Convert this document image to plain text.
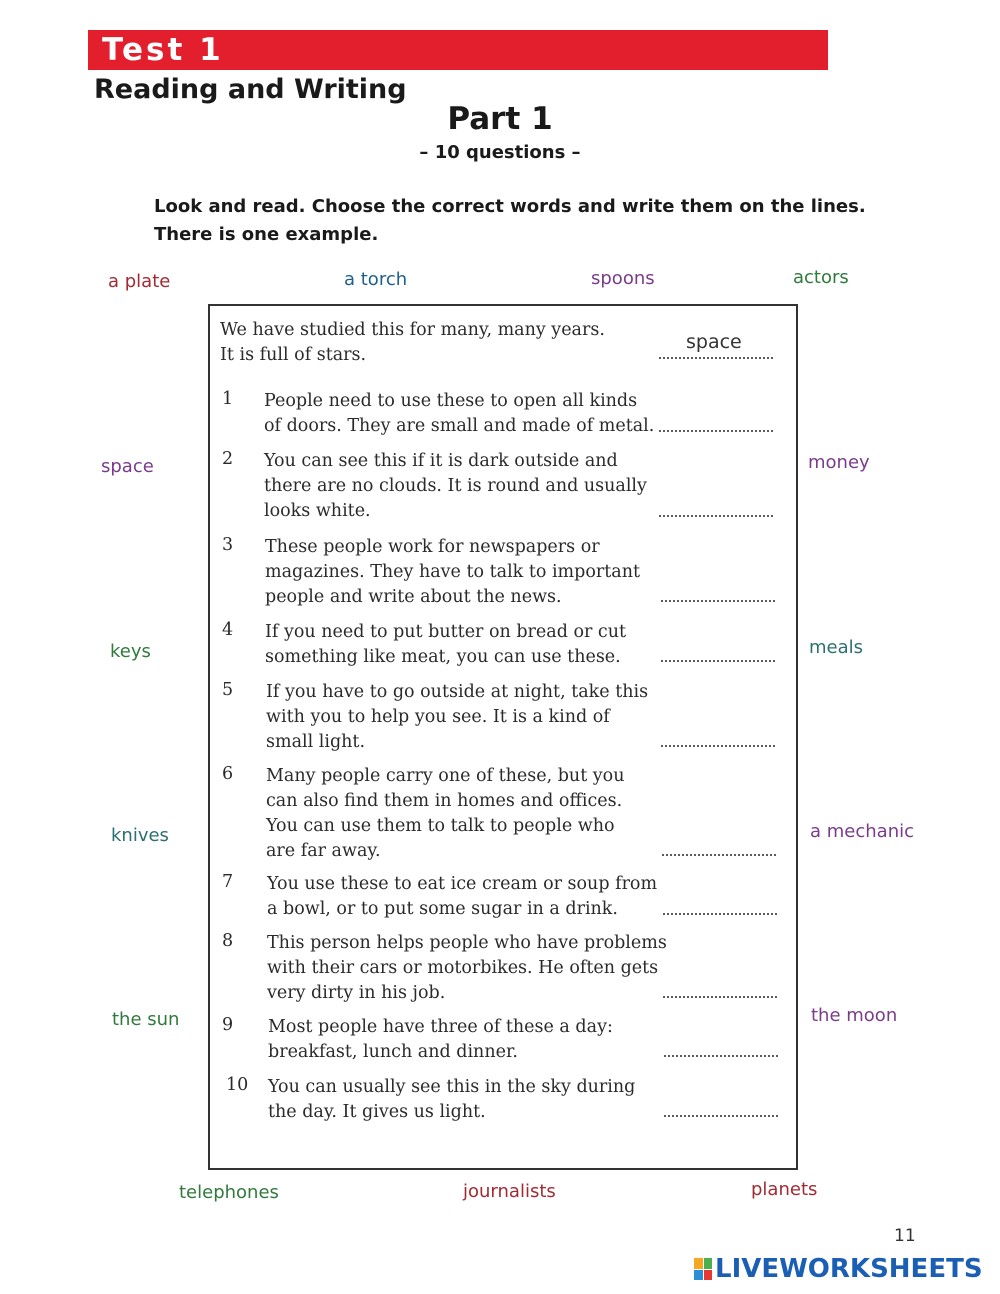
Test 1
Reading and Writing
Part 1
– 10 questions –
Look and read. Choose the correct words and write them on the lines.
There is one example.
a plate	a torch	spoons	actors
space	money
keys	meals
knives	a mechanic
the sun	the moon
telephones	journalists	planets
We have studied this for many, many years.
It is full of stars.
space
1 People need to use these to open all kinds
of doors. They are small and made of metal.
2 You can see this if it is dark outside and
there are no clouds. It is round and usually
looks white.
3 These people work for newspapers or
magazines. They have to talk to important
people and write about the news.
4 If you need to put butter on bread or cut
something like meat, you can use these.
5 If you have to go outside at night, take this
with you to help you see. It is a kind of
small light.
6 Many people carry one of these, but you
can also find them in homes and offices.
You can use them to talk to people who
are far away.
7 You use these to eat ice cream or soup from
a bowl, or to put some sugar in a drink.
8 This person helps people who have problems
with their cars or motorbikes. He often gets
very dirty in his job.
9 Most people have three of these a day:
breakfast, lunch and dinner.
10 You can usually see this in the sky during
the day. It gives us light.
11
LIVEWORKSHEETS
